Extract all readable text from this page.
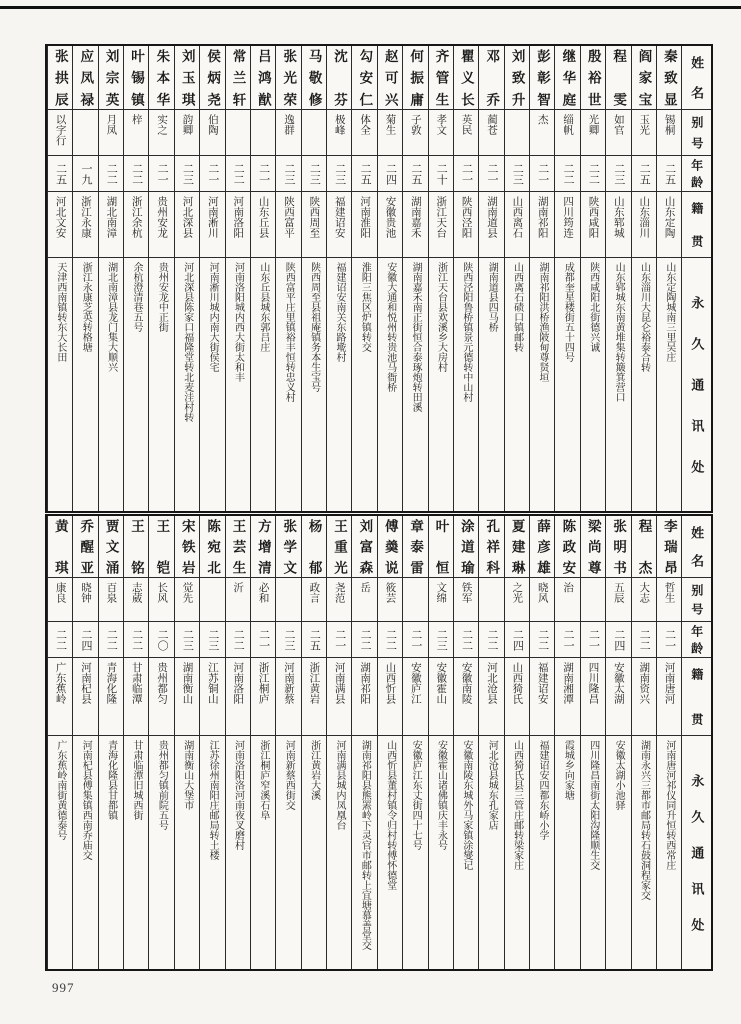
姓名
别号
年龄
籍贯
永久通讯处
秦致显
锡桐
二五
山东定陶
山东定陶城南三里吴庄
阎家宝
玉光
二五
山东淄川
山东淄川大昆仑裕泰合转
程雯
如官
二三
山东郓城
山东郓城东南黄堆集转簸箕营口
殷裕世
光卿
二二
陕西咸阳
陕西咸阳北街德兴诚
继华庭
缁帆
二二
四川筠连
成都奎星楼街五十四号
彭彰智
杰
二一
湖南祁阳
湖南祁阳洪桥渔陂甸尊贤垣
刘致升
二三
山西离石
山西离石碛口镇邮转
邓乔
蔺苍
二一
湖南道县
湖南道县四马桥
瞿义长
英民
二一
陕西泾阳
陕西泾阳鲁桥镇景元德转中山村
齐管生
孝文
二十
浙江天台
浙江天台县欢溪乡大房村
何振庸
子敦
二五
湖南嘉禾
湖南嘉禾南正街恒合泰琢炮转田溪
赵可兴
菊生
二四
安徽贵池
安徽大通和悦州转贵池马衙桥
勾安仁
体全
二五
河南淮阳
淮阳三焦区炉镇转交
沈芬
极峰
二三
福建诏安
福建诏安南关东路墘村
马敬修
二三
陕西周至
陕西周至县祖庵镇务本生宝号
张光荣
逸群
二三
陕西富平
陕西富平庄里镇裕丰恒转忠义村
吕鸿猷
二一
山东丘县
山东丘县城东郭吕庄
常兰轩
二二
河南洛阳
河南洛阳城内西大街太和丰
侯炳尧
伯陶
二一
河南淅川
河南淅川城内南大街侯宅
刘玉琪
韵卿
二三
河北深县
河北深县陈家口福隆堂转北麦洼村转
朱本华
实之
二一
贵州安龙
贵州安龙中正街
叶锡镇
梓
二二
浙江余杭
余杭澄清巷五号
刘宗英
月凤
二二
湖北南漳
湖北南漳县龙门集大顺兴
应凤禄
一九
浙江永康
浙江永康芝英转格塘
张拱辰
以字行
二五
河北文安
天津西南镇转东大长田
姓名
别号
年龄
籍贯
永久通讯处
李瑞昂
哲生
二一
河南唐河
河南唐河祁仪同升恒转西常庄
程杰
大志
二二
湖南资兴
湖南永兴三都市邮局转石鼓洞程家交
张明书
五辰
二四
安徽太湖
安徽太湖小池驿
梁尚尊
二一
四川隆昌
四川隆昌南街太阳沟隆顺生交
陈政安
治
二一
湖南湘潭
霞城乡向家塘
薛彦雄
晓风
二二
福建诏安
福建诏安四都东峤小学
夏建琳
之光
二四
山西猗氏
山西猗氏县三管庄邮转梁家庄
孔祥科
二二
河北沧县
河北沧县城东孔家店
涂道瑜
铁军
二二
安徽南陵
安徽南陵东城外马家镇涂燮记
叶恒
文绵
二三
安徽霍山
安徽霍山诸佛镇庆丰永号
章泰雷
二一
安徽庐江
安徽庐江东丈街四十七号
傅羮说
筱芸
二二
山西忻县
山西忻县董村镇令归村转傅怀德堂
刘富森
岳
二二
湖南祁阳
湖南祁阳县熊罴岭下灵官市邮转上宜塘慕善堂交
王重光
尧范
二一
河南满县
河南满县城内凤凰台
杨郁
政言
二五
浙江黄岩
浙江黄岩大溪
张学文
二三
河南新蔡
河南新蔡西街交
方增清
必和
二一
浙江桐庐
浙江桐庐窄溪石阜
王芸生
沂
二二
河南洛阳
河南洛阳洛河南夜叉磨村
陈宛北
二三
江苏铜山
江苏徐州南阳庄邮局转土楼
宋铁岩
觉先
二三
湖南衡山
湖南衡山大堡市
王铠
长风
二〇
贵州都匀
贵州都匀镇前院五号
王铭
志葳
二二
甘肃临潭
甘肃临潭旧城西街
贾文涌
百泉
二二
青海化隆
青海化隆县甘都镇
乔醒亚
晓钟
二四
河南杞县
河南杞县傅集镇西南乔庙交
黄琪
康良
二二
广东蕉岭
广东蕉岭南街黄德泰号
997
